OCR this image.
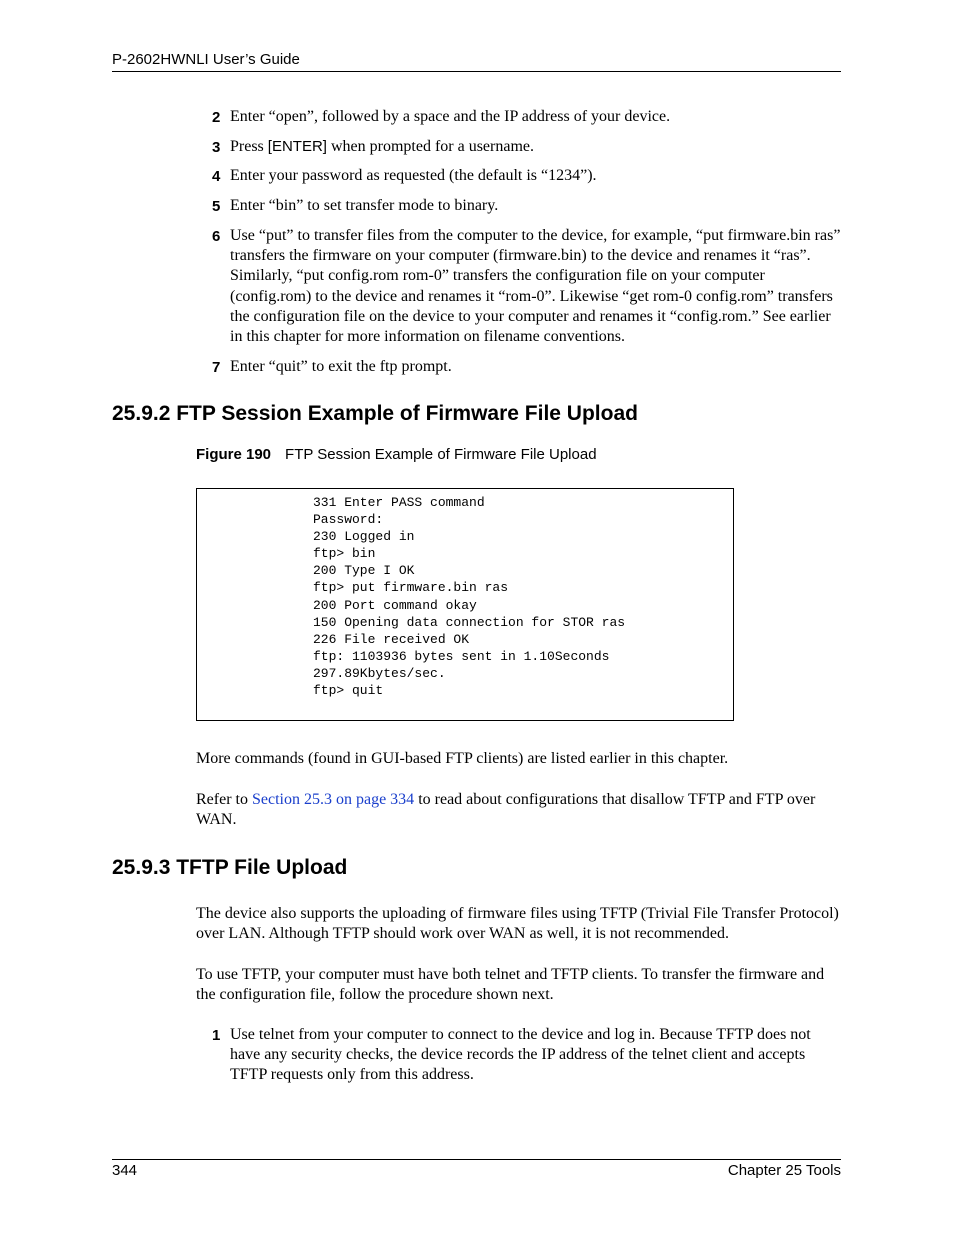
P-2602HWNLI User’s Guide
2 Enter “open”, followed by a space and the IP address of your device.
3 Press [ENTER] when prompted for a username.
4 Enter your password as requested (the default is “1234”).
5 Enter “bin” to set transfer mode to binary.
6 Use “put” to transfer files from the computer to the device, for example, “put firmware.bin ras” transfers the firmware on your computer (firmware.bin) to the device and renames it “ras”. Similarly, “put config.rom rom-0” transfers the configuration file on your computer (config.rom) to the device and renames it “rom-0”. Likewise “get rom-0 config.rom” transfers the configuration file on the device to your computer and renames it “config.rom.” See earlier in this chapter for more information on filename conventions.
7 Enter “quit” to exit the ftp prompt.
25.9.2 FTP Session Example of Firmware File Upload
Figure 190 FTP Session Example of Firmware File Upload
331 Enter PASS command
Password:
230 Logged in
ftp> bin
200 Type I OK
ftp> put firmware.bin ras
200 Port command okay
150 Opening data connection for STOR ras
226 File received OK
ftp: 1103936 bytes sent in 1.10Seconds
297.89Kbytes/sec.
ftp> quit
More commands (found in GUI-based FTP clients) are listed earlier in this chapter.
Refer to Section 25.3 on page 334 to read about configurations that disallow TFTP and FTP over WAN.
25.9.3 TFTP File Upload
The device also supports the uploading of firmware files using TFTP (Trivial File Transfer Protocol) over LAN. Although TFTP should work over WAN as well, it is not recommended.
To use TFTP, your computer must have both telnet and TFTP clients. To transfer the firmware and the configuration file, follow the procedure shown next.
1 Use telnet from your computer to connect to the device and log in. Because TFTP does not have any security checks, the device records the IP address of the telnet client and accepts TFTP requests only from this address.
344	Chapter 25 Tools
